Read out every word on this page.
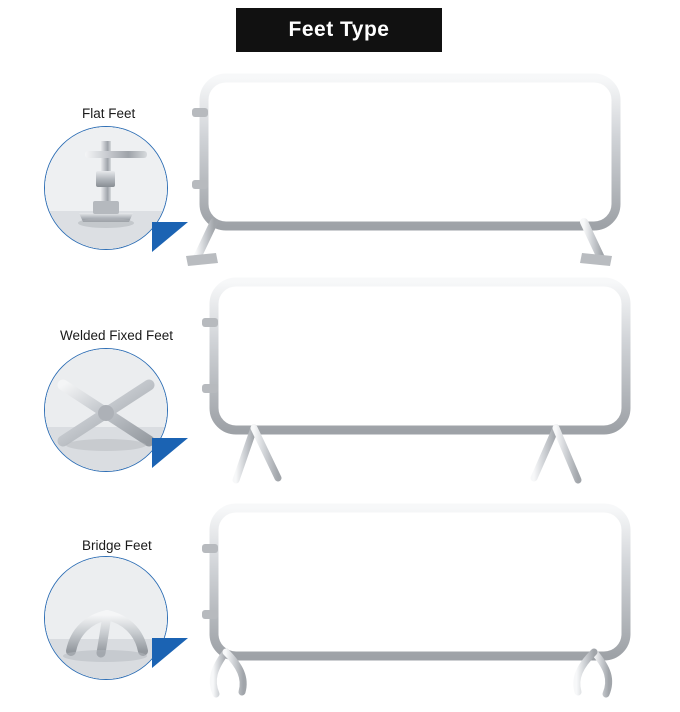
Feet Type
Flat Feet
Welded Fixed Feet
Bridge Feet
